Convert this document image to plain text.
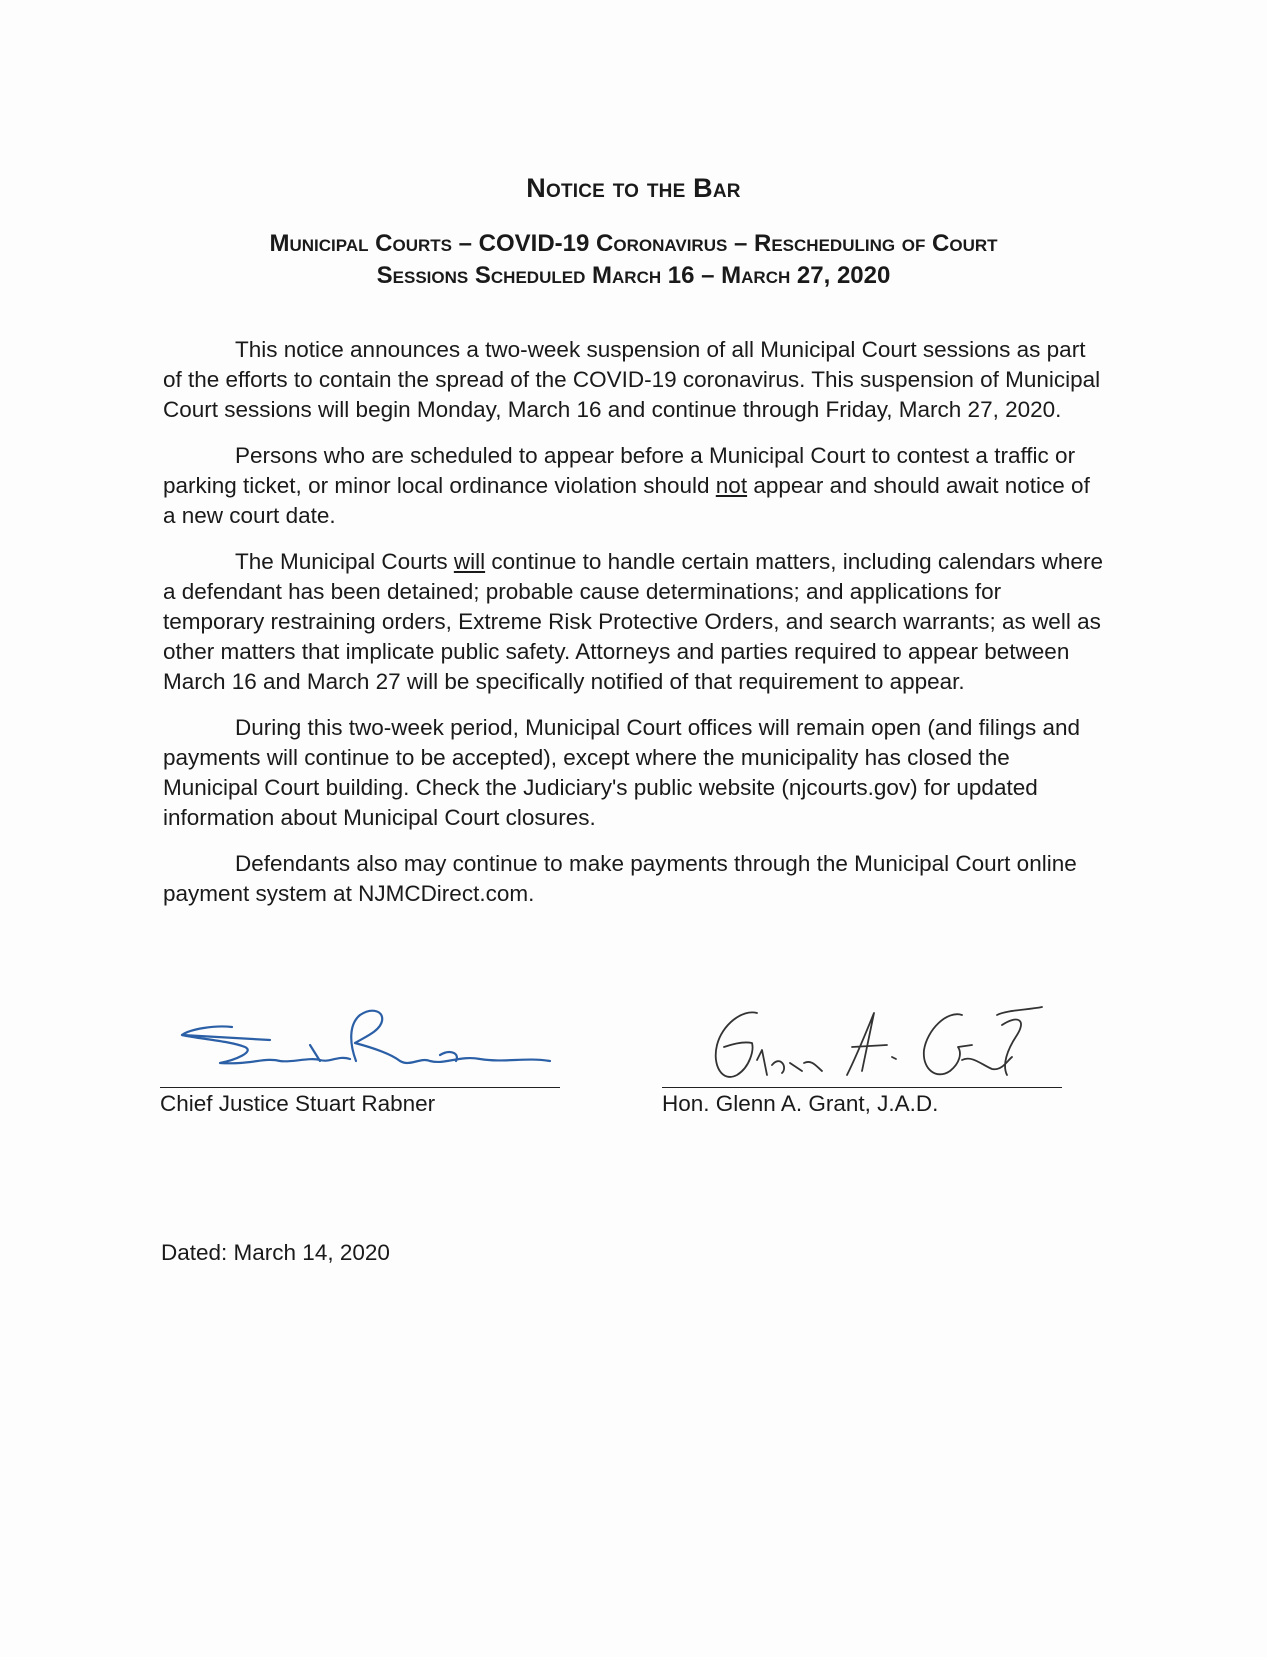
Notice to the Bar
Municipal Courts – COVID-19 Coronavirus – Rescheduling of Court
Sessions Scheduled March 16 – March 27, 2020

This notice announces a two-week suspension of all Municipal Court sessions as part of the efforts to contain the spread of the COVID-19 coronavirus. This suspension of Municipal Court sessions will begin Monday, March 16 and continue through Friday, March 27, 2020.

Persons who are scheduled to appear before a Municipal Court to contest a traffic or parking ticket, or minor local ordinance violation should not appear and should await notice of a new court date.

The Municipal Courts will continue to handle certain matters, including calendars where a defendant has been detained; probable cause determinations; and applications for temporary restraining orders, Extreme Risk Protective Orders, and search warrants; as well as other matters that implicate public safety. Attorneys and parties required to appear between March 16 and March 27 will be specifically notified of that requirement to appear.

During this two-week period, Municipal Court offices will remain open (and filings and payments will continue to be accepted), except where the municipality has closed the Municipal Court building. Check the Judiciary's public website (njcourts.gov) for updated information about Municipal Court closures.

Defendants also may continue to make payments through the Municipal Court online payment system at NJMCDirect.com.

Chief Justice Stuart Rabner	Hon. Glenn A. Grant, J.A.D.
Dated: March 14, 2020
